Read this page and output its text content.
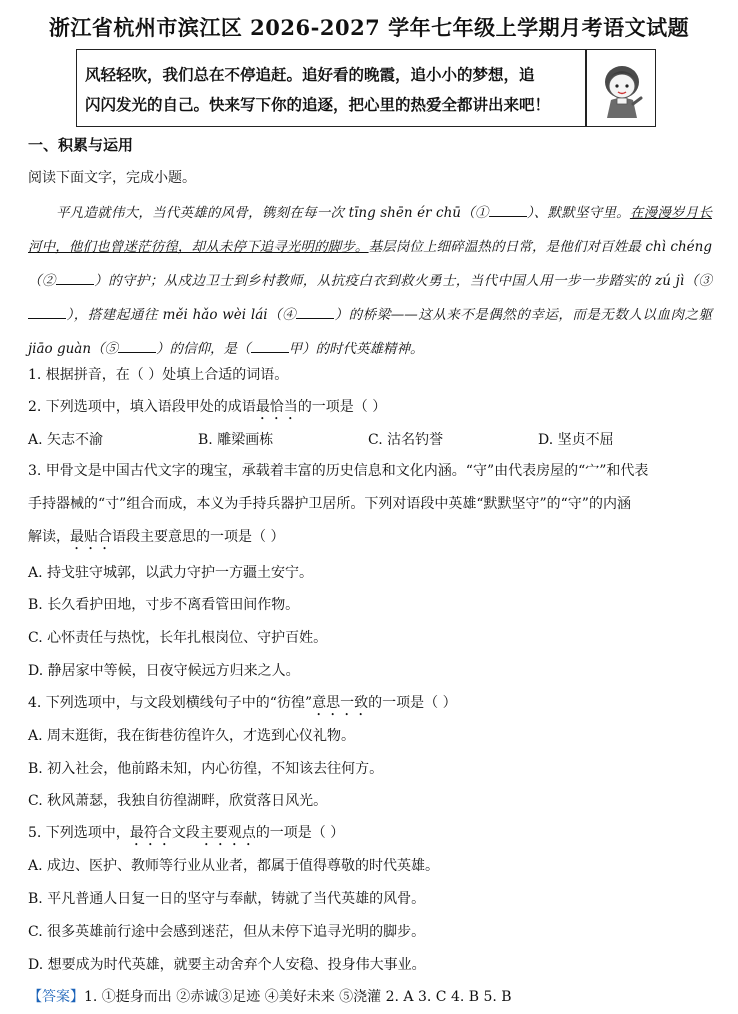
浙江省杭州市滨江区 2026-2027 学年七年级上学期月考语文试题
风轻轻吹，我们总在不停追赶。追好看的晚霞，追小小的梦想，追
闪闪发光的自己。快来写下你的追逐，把心里的热爱全都讲出来吧！
一、积累与运用
阅读下面文字，完成小题。
平凡造就伟大，当代英雄的风骨，镌刻在每一次 tīng shēn ér chū（①	）、默默坚守里。在漫漫岁月长河中，他们也曾迷茫彷徨，却从未停下追寻光明的脚步。基层岗位上细碎温热的日常，是他们对百姓最 chì chéng（②	）的守护；从戍边卫士到乡村教师，从抗疫白衣到救火勇士，当代中国人用一步一步踏实的 zú jì（③），搭建起通往 měi hǎo wèi lái（④	）的桥梁——这从来不是偶然的幸运，而是无数人以血肉之躯 jiāo guàn（⑤	）的信仰，是（	甲）的时代英雄精神。
1. 根据拼音，在（ ）处填上合适的词语。
2. 下列选项中，填入语段甲处的成语最恰当的一项是（ ）
A. 矢志不渝	B. 雕梁画栋	C. 沽名钓誉	D. 坚贞不屈
3. 甲骨文是中国古代文字的瑰宝，承载着丰富的历史信息和文化内涵。“守”由代表房屋的“宀”和代表
手持器械的“寸”组合而成，本义为手持兵器护卫居所。下列对语段中英雄“默默坚守”的“守”的内涵
解读，最贴合语段主要意思的一项是（ ）
A. 持戈驻守城郭，以武力守护一方疆土安宁。
B. 长久看护田地，寸步不离看管田间作物。
C. 心怀责任与热忱，长年扎根岗位、守护百姓。
D. 静居家中等候，日夜守候远方归来之人。
4. 下列选项中，与文段划横线句子中的“彷徨”意思一致的一项是（ ）
A. 周末逛街，我在街巷彷徨许久，才选到心仪礼物。
B. 初入社会，他前路未知，内心彷徨，不知该去往何方。
C. 秋风萧瑟，我独自彷徨湖畔，欣赏落日风光。
5. 下列选项中，最符合文段主要观点的一项是（ ）
A. 成边、医护、教师等行业从业者，都属于值得尊敬的时代英雄。
B. 平凡普通人日复一日的坚守与奉献，铸就了当代英雄的风骨。
C. 很多英雄前行途中会感到迷茫，但从未停下追寻光明的脚步。
D. 想要成为时代英雄，就要主动舍弃个人安稳、投身伟大事业。
【答案】1. ①挺身而出 ②赤诚③足迹 ④美好未来 ⑤浇灌 2. A 3. C 4. B 5. B
